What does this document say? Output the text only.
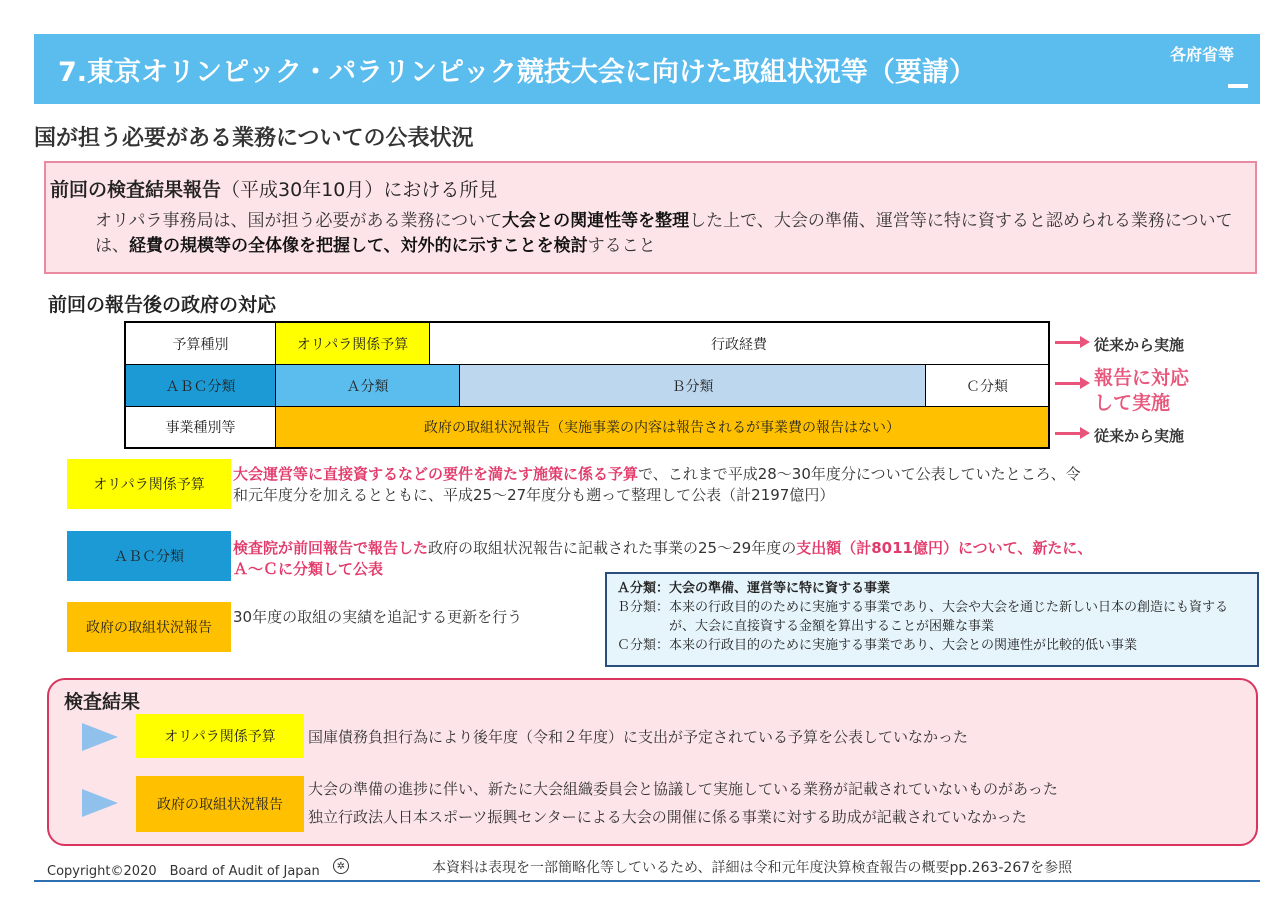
7.東京オリンピック・パラリンピック競技大会に向けた取組状況等（要請）
各府省等
国が担う必要がある業務についての公表状況
前回の検査結果報告（平成30年10月）における所見
オリパラ事務局は、国が担う必要がある業務について大会との関連性等を整理した上で、大会の準備、運営等に特に資すると認められる業務については、経費の規模等の全体像を把握して、対外的に示すことを検討すること
前回の報告後の政府の対応
予算種別	オリパラ関係予算	行政経費
ＡＢＣ分類	Ａ分類	Ｂ分類	Ｃ分類
事業種別等	政府の取組状況報告（実施事業の内容は報告されるが事業費の報告はない）
従来から実施
報告に対応
して実施
従来から実施
オリパラ関係予算
大会運営等に直接資するなどの要件を満たす施策に係る予算で、これまで平成28～30年度分について公表していたところ、令和元年度分を加えるとともに、平成25～27年度分も遡って整理して公表（計2197億円）
ＡＢＣ分類	検査院が前回報告で報告した政府の取組状況報告に記載された事業の25～29年度の支出額（計8011億円）について、新たに、Ａ～Ｃに分類して公表
政府の取組状況報告
30年度の取組の実績を追記する更新を行う
Ａ分類： 大会の準備、運営等に特に資する事業
Ｂ分類： 本来の行政目的のために実施する事業であり、大会や大会を通じた新しい日本の創造にも資するが、大会に直接資する金額を算出することが困難な事業
Ｃ分類： 本来の行政目的のために実施する事業であり、大会との関連性が比較的低い事業
検査結果
オリパラ関係予算	国庫債務負担行為により後年度（令和２年度）に支出が予定されている予算を公表していなかった
政府の取組状況報告
大会の準備の進捗に伴い、新たに大会組織委員会と協議して実施している業務が記載されていないものがあった
独立行政法人日本スポーツ振興センターによる大会の開催に係る事業に対する助成が記載されていなかった
Copyright©2020　Board of Audit of Japan	✲	本資料は表現を一部簡略化等しているため、詳細は令和元年度決算検査報告の概要pp.263-267を参照
